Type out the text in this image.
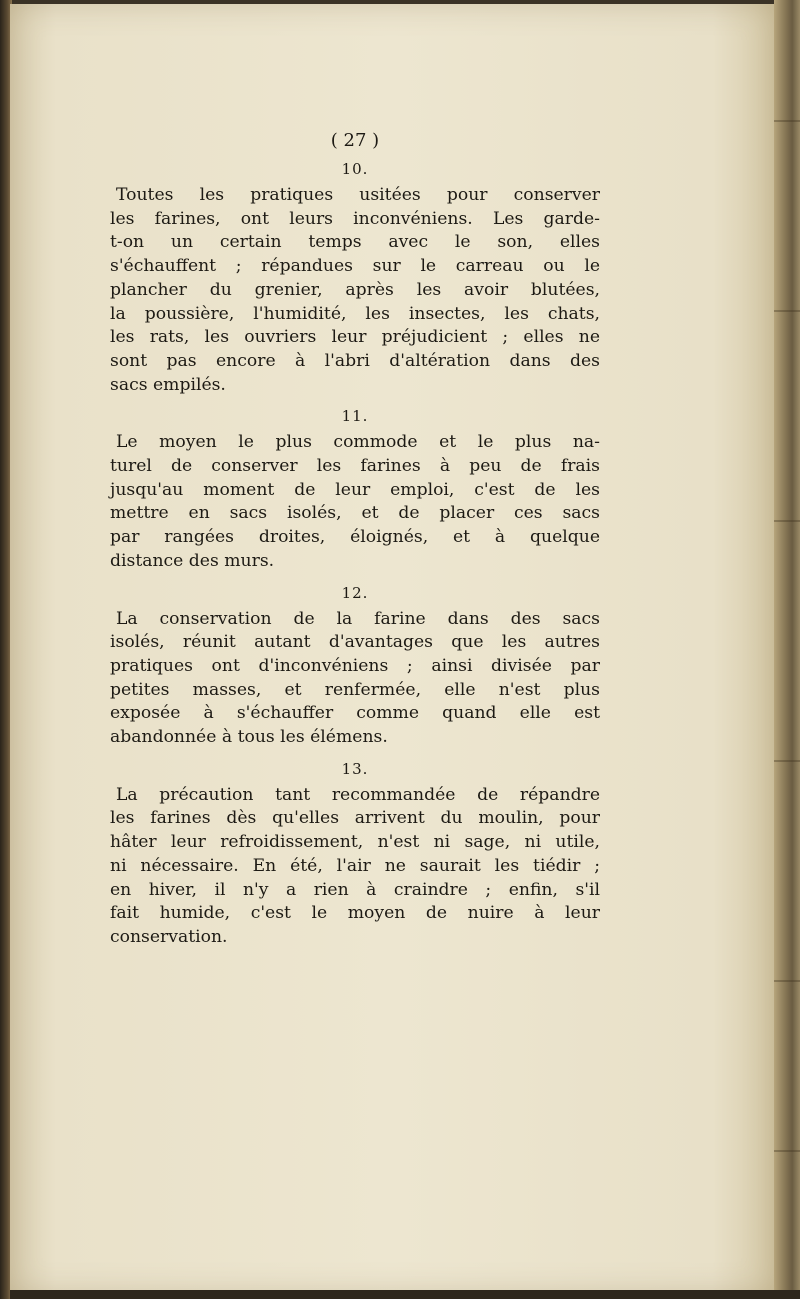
( 27 )
10.
Toutes les pratiques usitées pour conserver
les farines, ont leurs inconvéniens. Les garde-
t-on un certain temps avec le son, elles
s'échauffent ; répandues sur le carreau ou le
plancher du grenier, après les avoir blutées,
la poussière, l'humidité, les insectes, les chats,
les rats, les ouvriers leur préjudicient ; elles ne
sont pas encore à l'abri d'altération dans des
sacs empilés.
11.
Le moyen le plus commode et le plus na-
turel de conserver les farines à peu de frais
jusqu'au moment de leur emploi, c'est de les
mettre en sacs isolés, et de placer ces sacs
par rangées droites, éloignés, et à quelque
distance des murs.
12.
La conservation de la farine dans des sacs
isolés, réunit autant d'avantages que les autres
pratiques ont d'inconvéniens ; ainsi divisée par
petites masses, et renfermée, elle n'est plus
exposée à s'échauffer comme quand elle est
abandonnée à tous les élémens.
13.
La précaution tant recommandée de répandre
les farines dès qu'elles arrivent du moulin, pour
hâter leur refroidissement, n'est ni sage, ni utile,
ni nécessaire. En été, l'air ne saurait les tiédir ;
en hiver, il n'y a rien à craindre ; enfin, s'il
fait humide, c'est le moyen de nuire à leur
conservation.
